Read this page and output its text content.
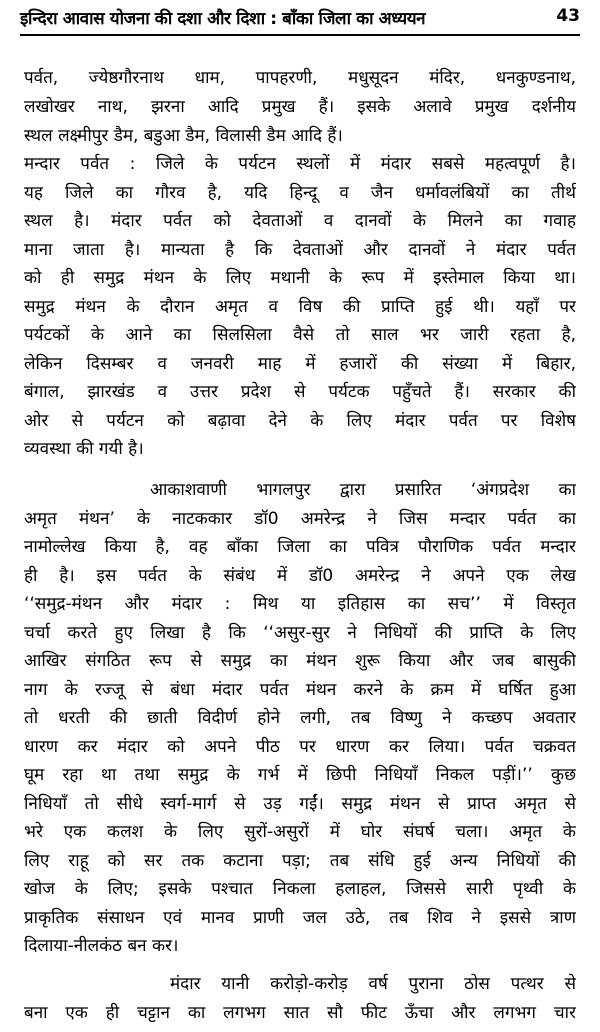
इन्दिरा आवास योजना की दशा और दिशा : बाँका जिला का अध्ययन	43
पर्वत, ज्येष्ठगौरनाथ धाम, पापहरणी, मधुसूदन मंदिर, धनकुण्डनाथ,
लखोखर नाथ, झरना आदि प्रमुख हैं। इसके अलावे प्रमुख दर्शनीय
स्थल लक्ष्मीपुर डैम, बडुआ डैम, विलासी डैम आदि हैं।
मन्दार पर्वत : जिले के पर्यटन स्थलों में मंदार सबसे महत्वपूर्ण है।
यह जिले का गौरव है, यदि हिन्दू व जैन धर्मावलंबियों का तीर्थ
स्थल है। मंदार पर्वत को देवताओं व दानवों के मिलने का गवाह
माना जाता है। मान्यता है कि देवताओं और दानवों ने मंदार पर्वत
को ही समुद्र मंथन के लिए मथानी के रूप में इस्तेमाल किया था।
समुद्र मंथन के दौरान अमृत व विष की प्राप्ति हुई थी। यहाँ पर
पर्यटकों के आने का सिलसिला वैसे तो साल भर जारी रहता है,
लेकिन दिसम्बर व जनवरी माह में हजारों की संख्या में बिहार,
बंगाल, झारखंड व उत्तर प्रदेश से पर्यटक पहुँचते हैं। सरकार की
ओर से पर्यटन को बढ़ावा देने के लिए मंदार पर्वत पर विशेष
व्यवस्था की गयी है।
आकाशवाणी भागलपुर द्वारा प्रसारित ‘अंगप्रदेश का
अमृत मंथन’ के नाटककार डॉ0 अमरेन्द्र ने जिस मन्दार पर्वत का
नामोल्लेख किया है, वह बाँका जिला का पवित्र पौराणिक पर्वत मन्दार
ही है। इस पर्वत के संबंध में डॉ0 अमरेन्द्र ने अपने एक लेख
‘‘समुद्र-मंथन और मंदार : मिथ या इतिहास का सच’’ में विस्तृत
चर्चा करते हुए लिखा है कि ‘‘असुर-सुर ने निधियों की प्राप्ति के लिए
आखिर संगठित रूप से समुद्र का मंथन शुरू किया और जब बासुकी
नाग के रज्जू से बंधा मंदार पर्वत मंथन करने के क्रम में घर्षित हुआ
तो धरती की छाती विदीर्ण होने लगी, तब विष्णु ने कच्छप अवतार
धारण कर मंदार को अपने पीठ पर धारण कर लिया। पर्वत चक्रवत
घूम रहा था तथा समुद्र के गर्भ में छिपी निधियाँ निकल पड़ीं।’’ कुछ
निधियाँ तो सीधे स्वर्ग-मार्ग से उड़ गईं। समुद्र मंथन से प्राप्त अमृत से
भरे एक कलश के लिए सुरों-असुरों में घोर संघर्ष चला। अमृत के
लिए राहू को सर तक कटाना पड़ा; तब संधि हुई अन्य निधियों की
खोज के लिए; इसके पश्चात निकला हलाहल, जिससे सारी पृथ्वी के
प्राकृतिक संसाधन एवं मानव प्राणी जल उठे, तब शिव ने इससे त्राण
दिलाया-नीलकंठ बन कर।
मंदार यानी करोड़ो-करोड़ वर्ष पुराना ठोस पत्थर से
बना एक ही चट्टान का लगभग सात सौ फीट ऊँचा और लगभग चार
